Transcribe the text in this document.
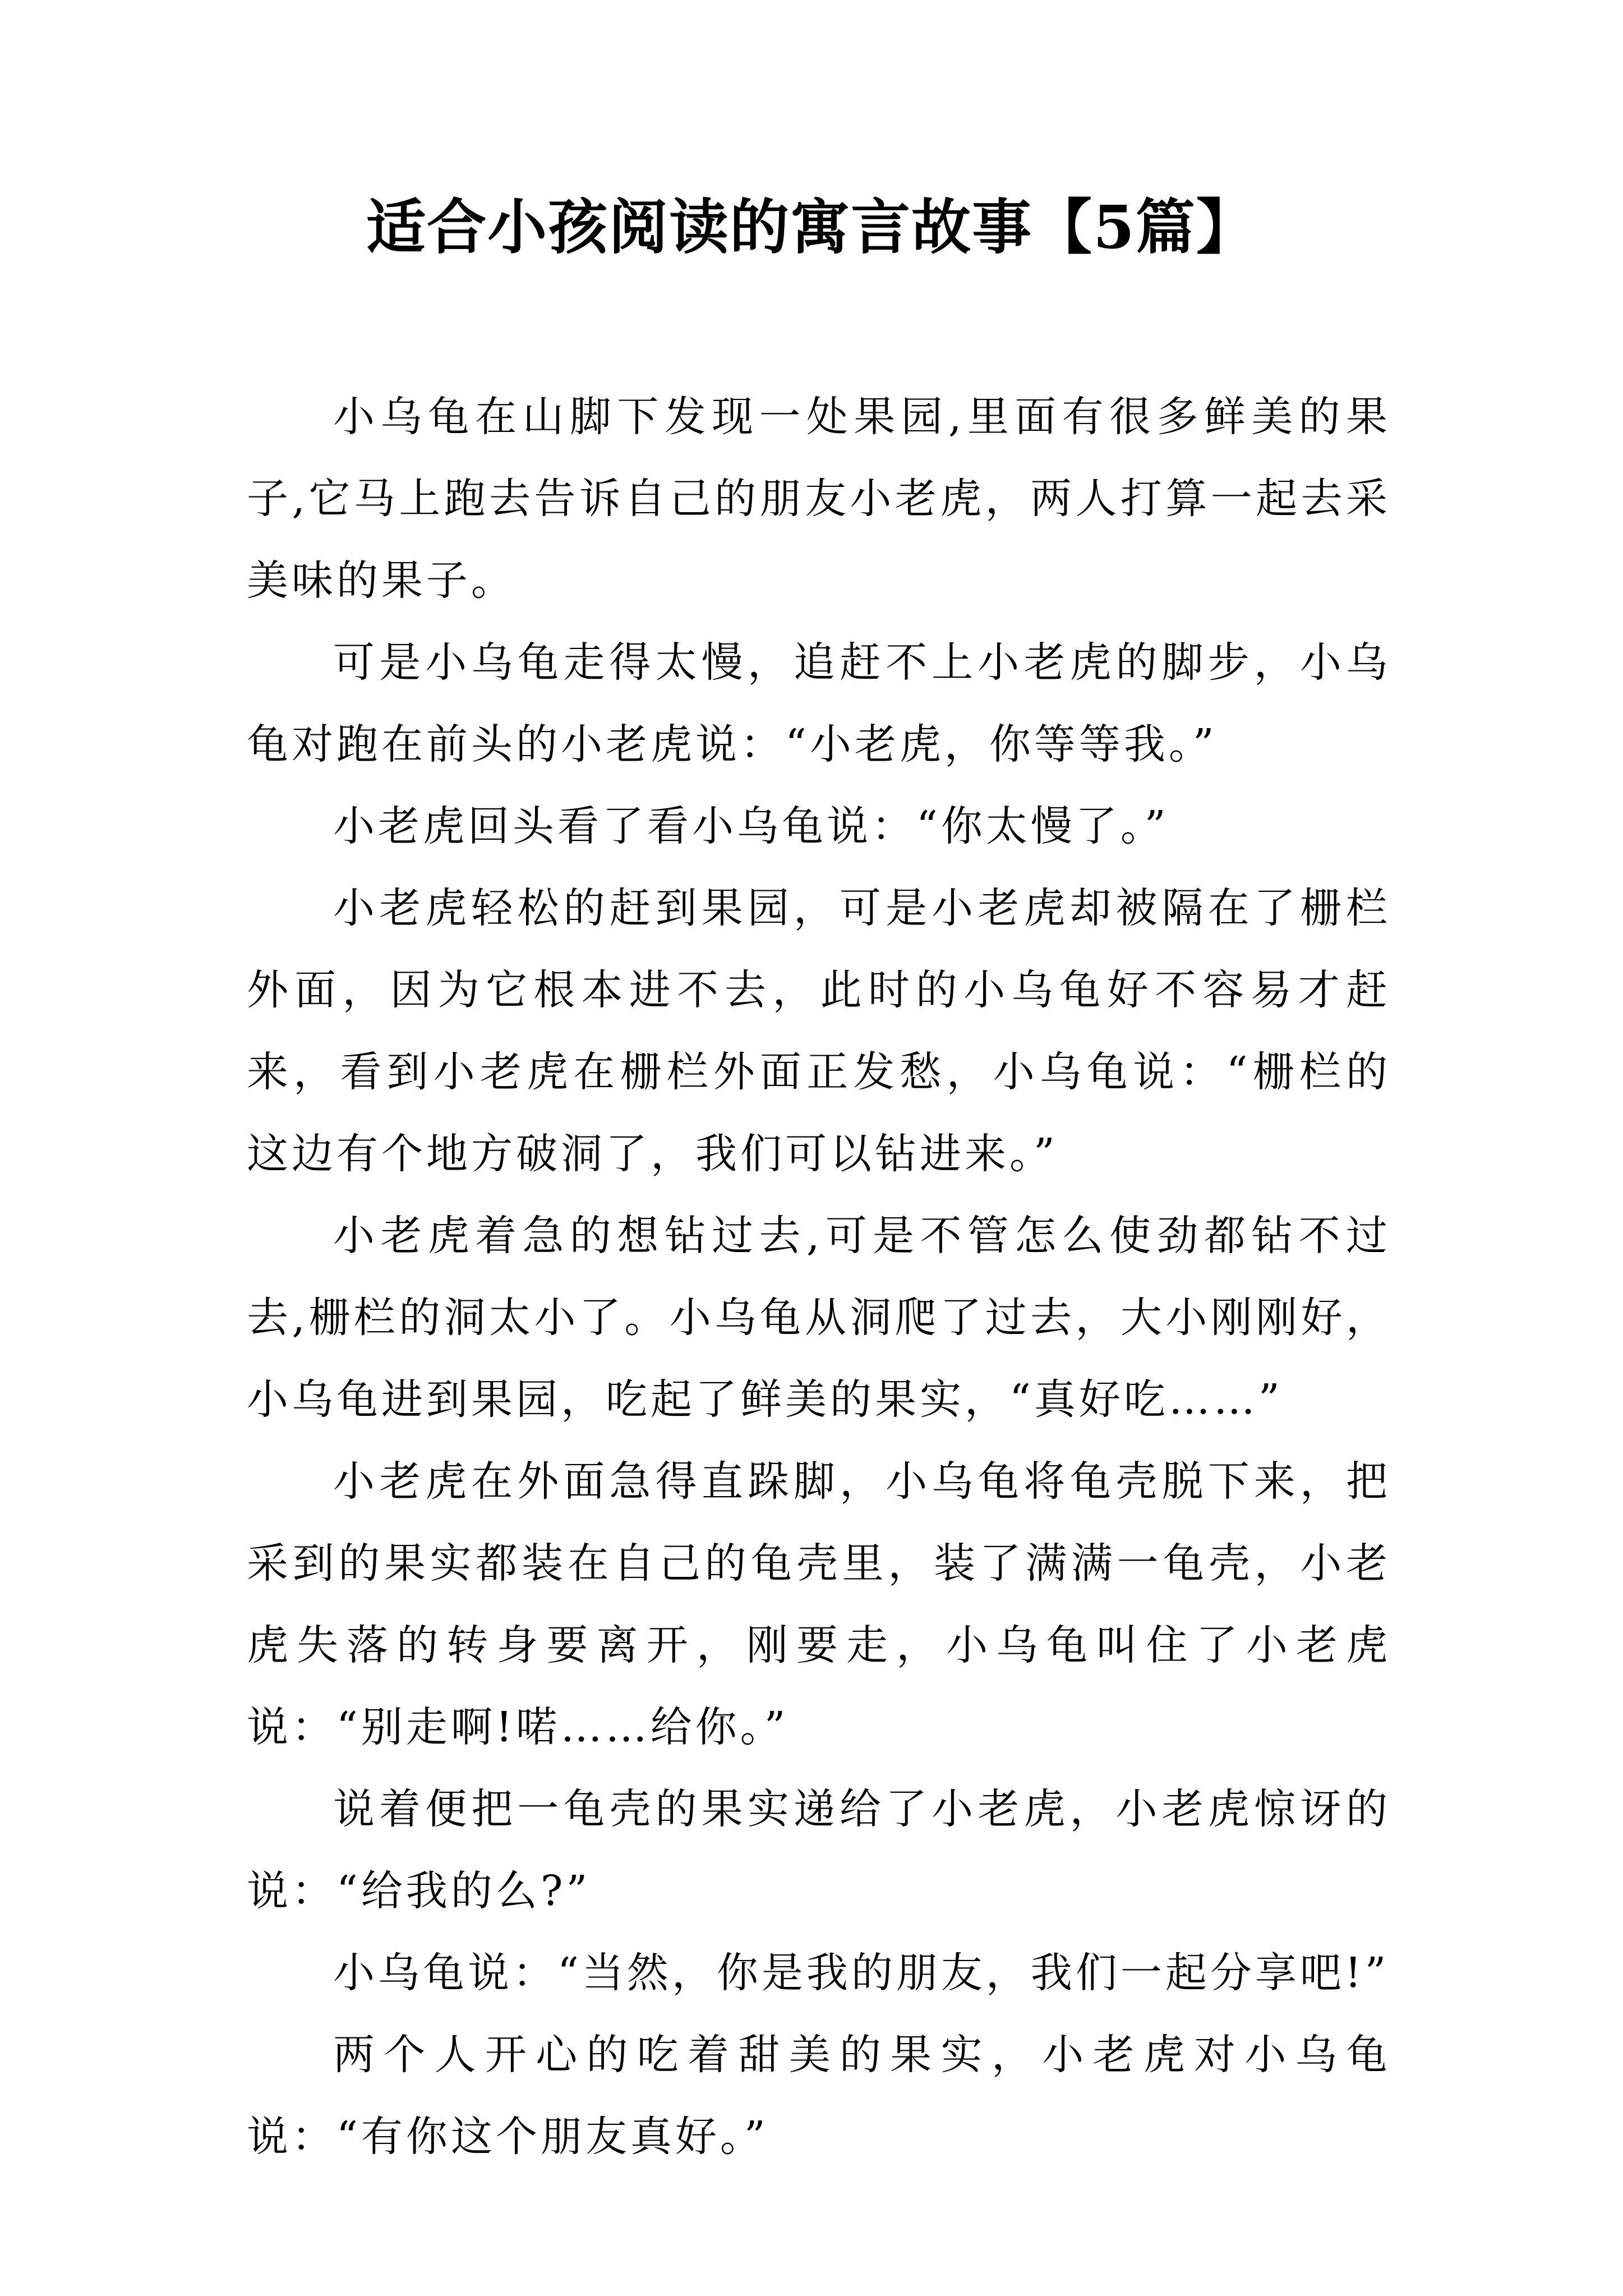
适合小孩阅读的寓言故事【5篇】

小乌龟在山脚下发现一处果园,里面有很多鲜美的果子,它马上跑去告诉自己的朋友小老虎，两人打算一起去采美味的果子。

可是小乌龟走得太慢，追赶不上小老虎的脚步，小乌龟对跑在前头的小老虎说：“小老虎，你等等我。”

小老虎回头看了看小乌龟说：“你太慢了。”

小老虎轻松的赶到果园，可是小老虎却被隔在了栅栏外面，因为它根本进不去，此时的小乌龟好不容易才赶来，看到小老虎在栅栏外面正发愁，小乌龟说：“栅栏的这边有个地方破洞了，我们可以钻进来。”

小老虎着急的想钻过去,可是不管怎么使劲都钻不过去,栅栏的洞太小了。小乌龟从洞爬了过去，大小刚刚好，小乌龟进到果园，吃起了鲜美的果实，“真好吃……”

小老虎在外面急得直跺脚，小乌龟将龟壳脱下来，把采到的果实都装在自己的龟壳里，装了满满一龟壳，小老虎失落的转身要离开，刚要走，小乌龟叫住了小老虎说：“别走啊!喏……给你。”

说着便把一龟壳的果实递给了小老虎，小老虎惊讶的说：“给我的么?”

小乌龟说：“当然，你是我的朋友，我们一起分享吧!”

两个人开心的吃着甜美的果实，小老虎对小乌龟说：“有你这个朋友真好。”
